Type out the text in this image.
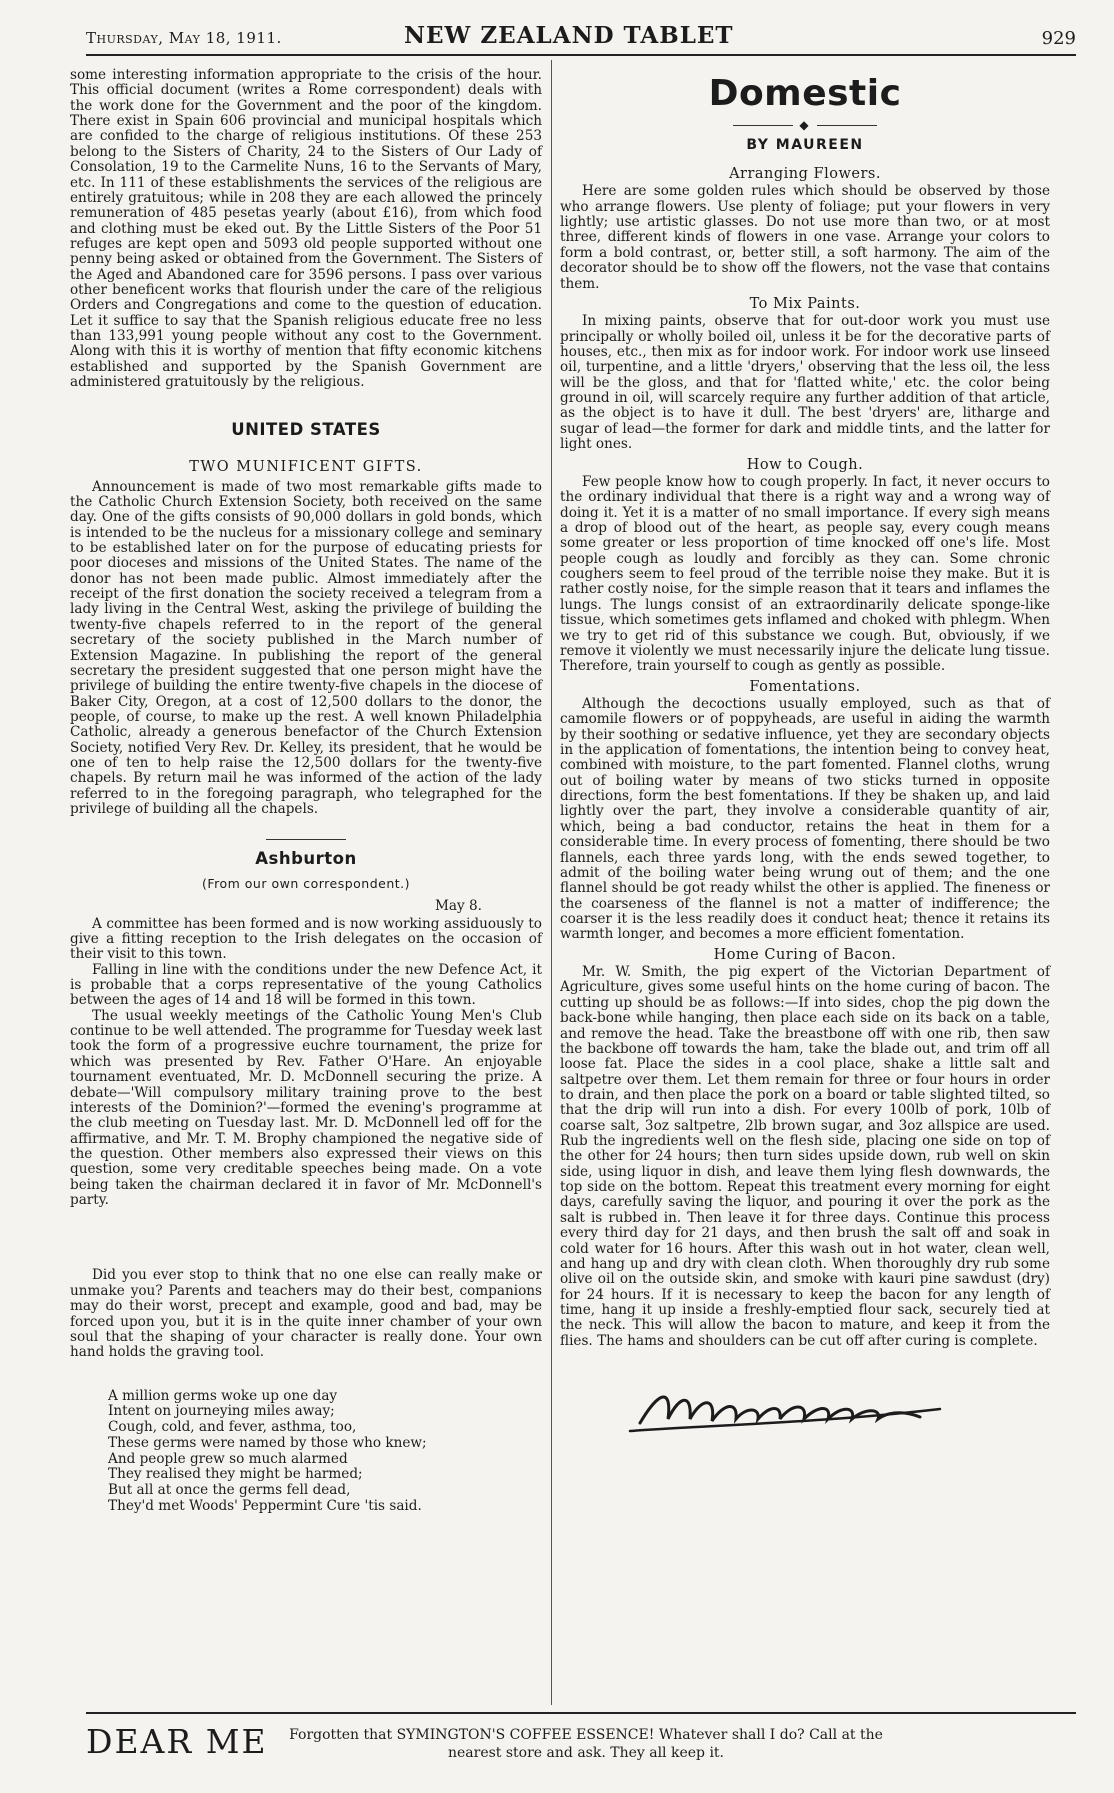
Thursday, May 18, 1911.	NEW ZEALAND TABLET	929

some interesting information appropriate to the crisis of the hour. This official document (writes a Rome correspondent) deals with the work done for the Government and the poor of the kingdom. There exist in Spain 606 provincial and municipal hospitals which are confided to the charge of religious institutions. Of these 253 belong to the Sisters of Charity, 24 to the Sisters of Our Lady of Consolation, 19 to the Carmelite Nuns, 16 to the Servants of Mary, etc. In 111 of these establishments the services of the religious are entirely gratuitous; while in 208 they are each allowed the princely remuneration of 485 pesetas yearly (about £16), from which food and clothing must be eked out. By the Little Sisters of the Poor 51 refuges are kept open and 5093 old people supported without one penny being asked or obtained from the Government. The Sisters of the Aged and Abandoned care for 3596 persons. I pass over various other beneficent works that flourish under the care of the religious Orders and Congregations and come to the question of education. Let it suffice to say that the Spanish religious educate free no less than 133,991 young people without any cost to the Government. Along with this it is worthy of mention that fifty economic kitchens established and supported by the Spanish Government are administered gratuitously by the religious.

UNITED STATES
TWO MUNIFICENT GIFTS.

Announcement is made of two most remarkable gifts made to the Catholic Church Extension Society, both received on the same day. One of the gifts consists of 90,000 dollars in gold bonds, which is intended to be the nucleus for a missionary college and seminary to be established later on for the purpose of educating priests for poor dioceses and missions of the United States. The name of the donor has not been made public. Almost immediately after the receipt of the first donation the society received a telegram from a lady living in the Central West, asking the privilege of building the twenty-five chapels referred to in the report of the general secretary of the society published in the March number of Extension Magazine. In publishing the report of the general secretary the president suggested that one person might have the privilege of building the entire twenty-five chapels in the diocese of Baker City, Oregon, at a cost of 12,500 dollars to the donor, the people, of course, to make up the rest. A well known Philadelphia Catholic, already a generous benefactor of the Church Extension Society, notified Very Rev. Dr. Kelley, its president, that he would be one of ten to help raise the 12,500 dollars for the twenty-five chapels. By return mail he was informed of the action of the lady referred to in the foregoing paragraph, who telegraphed for the privilege of building all the chapels.

Ashburton
(From our own correspondent.)
May 8.

A committee has been formed and is now working assiduously to give a fitting reception to the Irish delegates on the occasion of their visit to this town.

Falling in line with the conditions under the new Defence Act, it is probable that a corps representative of the young Catholics between the ages of 14 and 18 will be formed in this town.

The usual weekly meetings of the Catholic Young Men's Club continue to be well attended. The programme for Tuesday week last took the form of a progressive euchre tournament, the prize for which was presented by Rev. Father O'Hare. An enjoyable tournament eventuated, Mr. D. McDonnell securing the prize. A debate—'Will compulsory military training prove to the best interests of the Dominion?'—formed the evening's programme at the club meeting on Tuesday last. Mr. D. McDonnell led off for the affirmative, and Mr. T. M. Brophy championed the negative side of the question. Other members also expressed their views on this question, some very creditable speeches being made. On a vote being taken the chairman declared it in favor of Mr. McDonnell's party.

Did you ever stop to think that no one else can really make or unmake you? Parents and teachers may do their best, companions may do their worst, precept and example, good and bad, may be forced upon you, but it is in the quite inner chamber of your own soul that the shaping of your character is really done. Your own hand holds the graving tool.

A million germs woke up one day
Intent on journeying miles away;
Cough, cold, and fever, asthma, too,
These germs were named by those who knew;
And people grew so much alarmed
They realised they might be harmed;
But all at once the germs fell dead,
They'd met Woods' Peppermint Cure 'tis said.
Domestic
◆
BY MAUREEN
Arranging Flowers.

Here are some golden rules which should be observed by those who arrange flowers. Use plenty of foliage; put your flowers in very lightly; use artistic glasses. Do not use more than two, or at most three, different kinds of flowers in one vase. Arrange your colors to form a bold contrast, or, better still, a soft harmony. The aim of the decorator should be to show off the flowers, not the vase that contains them.

To Mix Paints.

In mixing paints, observe that for out-door work you must use principally or wholly boiled oil, unless it be for the decorative parts of houses, etc., then mix as for indoor work. For indoor work use linseed oil, turpentine, and a little 'dryers,' observing that the less oil, the less will be the gloss, and that for 'flatted white,' etc. the color being ground in oil, will scarcely require any further addition of that article, as the object is to have it dull. The best 'dryers' are, litharge and sugar of lead—the former for dark and middle tints, and the latter for light ones.

How to Cough.

Few people know how to cough properly. In fact, it never occurs to the ordinary individual that there is a right way and a wrong way of doing it. Yet it is a matter of no small importance. If every sigh means a drop of blood out of the heart, as people say, every cough means some greater or less proportion of time knocked off one's life. Most people cough as loudly and forcibly as they can. Some chronic coughers seem to feel proud of the terrible noise they make. But it is rather costly noise, for the simple reason that it tears and inflames the lungs. The lungs consist of an extraordinarily delicate sponge-like tissue, which sometimes gets inflamed and choked with phlegm. When we try to get rid of this substance we cough. But, obviously, if we remove it violently we must necessarily injure the delicate lung tissue. Therefore, train yourself to cough as gently as possible.

Fomentations.

Although the decoctions usually employed, such as that of camomile flowers or of poppyheads, are useful in aiding the warmth by their soothing or sedative influence, yet they are secondary objects in the application of fomentations, the intention being to convey heat, combined with moisture, to the part fomented. Flannel cloths, wrung out of boiling water by means of two sticks turned in opposite directions, form the best fomentations. If they be shaken up, and laid lightly over the part, they involve a considerable quantity of air, which, being a bad conductor, retains the heat in them for a considerable time. In every process of fomenting, there should be two flannels, each three yards long, with the ends sewed together, to admit of the boiling water being wrung out of them; and the one flannel should be got ready whilst the other is applied. The fineness or the coarseness of the flannel is not a matter of indifference; the coarser it is the less readily does it conduct heat; thence it retains its warmth longer, and becomes a more efficient fomentation.

Home Curing of Bacon.

Mr. W. Smith, the pig expert of the Victorian Department of Agriculture, gives some useful hints on the home curing of bacon. The cutting up should be as follows:—If into sides, chop the pig down the back-bone while hanging, then place each side on its back on a table, and remove the head. Take the breastbone off with one rib, then saw the backbone off towards the ham, take the blade out, and trim off all loose fat. Place the sides in a cool place, shake a little salt and saltpetre over them. Let them remain for three or four hours in order to drain, and then place the pork on a board or table slighted tilted, so that the drip will run into a dish. For every 100lb of pork, 10lb of coarse salt, 3oz saltpetre, 2lb brown sugar, and 3oz allspice are used. Rub the ingredients well on the flesh side, placing one side on top of the other for 24 hours; then turn sides upside down, rub well on skin side, using liquor in dish, and leave them lying flesh downwards, the top side on the bottom. Repeat this treatment every morning for eight days, carefully saving the liquor, and pouring it over the pork as the salt is rubbed in. Then leave it for three days. Continue this process every third day for 21 days, and then brush the salt off and soak in cold water for 16 hours. After this wash out in hot water, clean well, and hang up and dry with clean cloth. When thoroughly dry rub some olive oil on the outside skin, and smoke with kauri pine sawdust (dry) for 24 hours. If it is necessary to keep the bacon for any length of time, hang it up inside a freshly-emptied flour sack, securely tied at the neck. This will allow the bacon to mature, and keep it from the flies. The hams and shoulders can be cut off after curing is complete.

DEAR ME	Forgotten that SYMINGTON'S COFFEE ESSENCE! Whatever shall I do? Call at the nearest store and ask. They all keep it.
